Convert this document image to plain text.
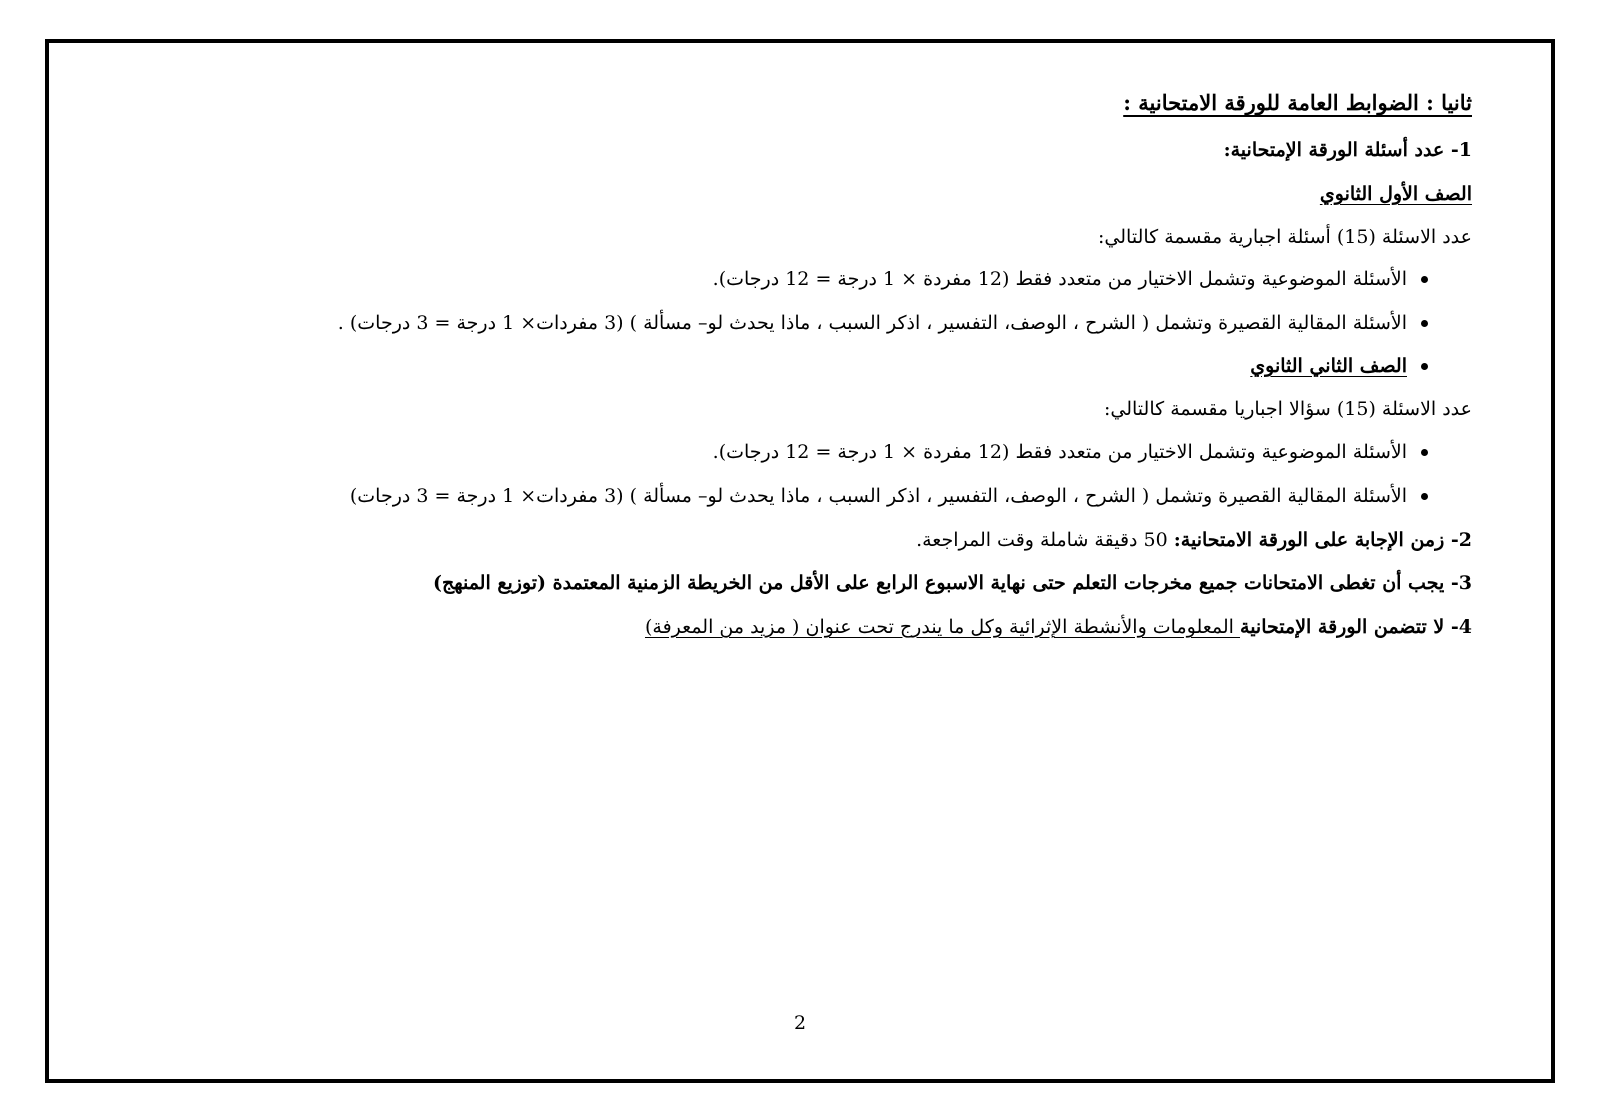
ثانيا : الضوابط العامة للورقة الامتحانية :
1- عدد أسئلة الورقة الإمتحانية:
الصف الأول الثانوي
عدد الاسئلة (15) أسئلة اجبارية مقسمة كالتالي:
الأسئلة الموضوعية وتشمل الاختيار من متعدد فقط (12 مفردة × 1 درجة = 12 درجات).
الأسئلة المقالية القصيرة وتشمل ( الشرح ، الوصف، التفسير ، اذكر السبب ، ماذا يحدث لو– مسألة ) (3 مفردات× 1 درجة = 3 درجات) .
الصف الثاني الثانوي
عدد الاسئلة (15) سؤالا اجباريا مقسمة كالتالي:
الأسئلة الموضوعية وتشمل الاختيار من متعدد فقط (12 مفردة × 1 درجة = 12 درجات).
الأسئلة المقالية القصيرة وتشمل ( الشرح ، الوصف، التفسير ، اذكر السبب ، ماذا يحدث لو– مسألة ) (3 مفردات× 1 درجة = 3 درجات)
2- زمن الإجابة على الورقة الامتحانية: 50 دقيقة شاملة وقت المراجعة.
3- يجب أن تغطى الامتحانات جميع مخرجات التعلم حتى نهاية الاسبوع الرابع على الأقل من الخريطة الزمنية المعتمدة (توزيع المنهج)
4- لا تتضمن الورقة الإمتحانية المعلومات والأنشطة الإثرائية وكل ما يندرج تحت عنوان ( مزيد من المعرفة)
2
